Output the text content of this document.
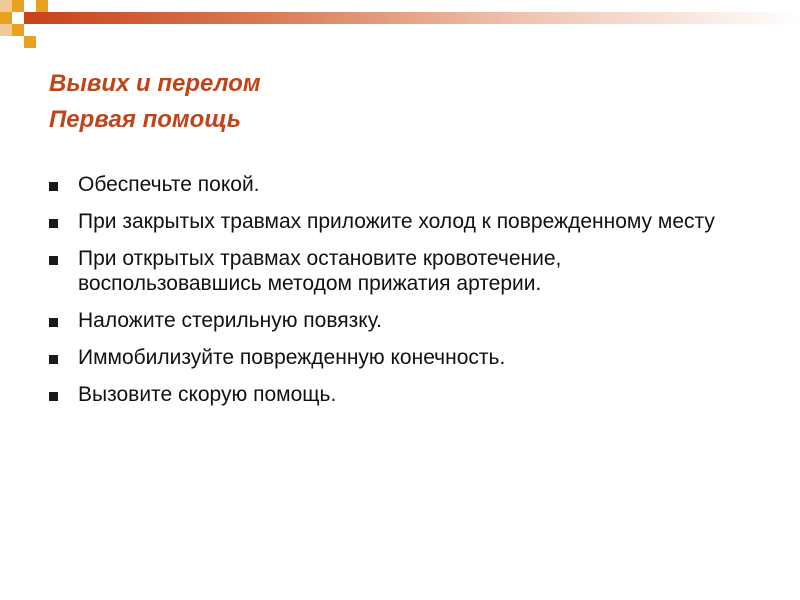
Вывих и перелом
Первая помощь
Обеспечьте покой.
При закрытых травмах приложите холод к поврежденному месту
При открытых травмах остановите кровотечение, воспользовавшись методом прижатия артерии.
Наложите стерильную повязку.
Иммобилизуйте поврежденную конечность.
Вызовите скорую помощь.
